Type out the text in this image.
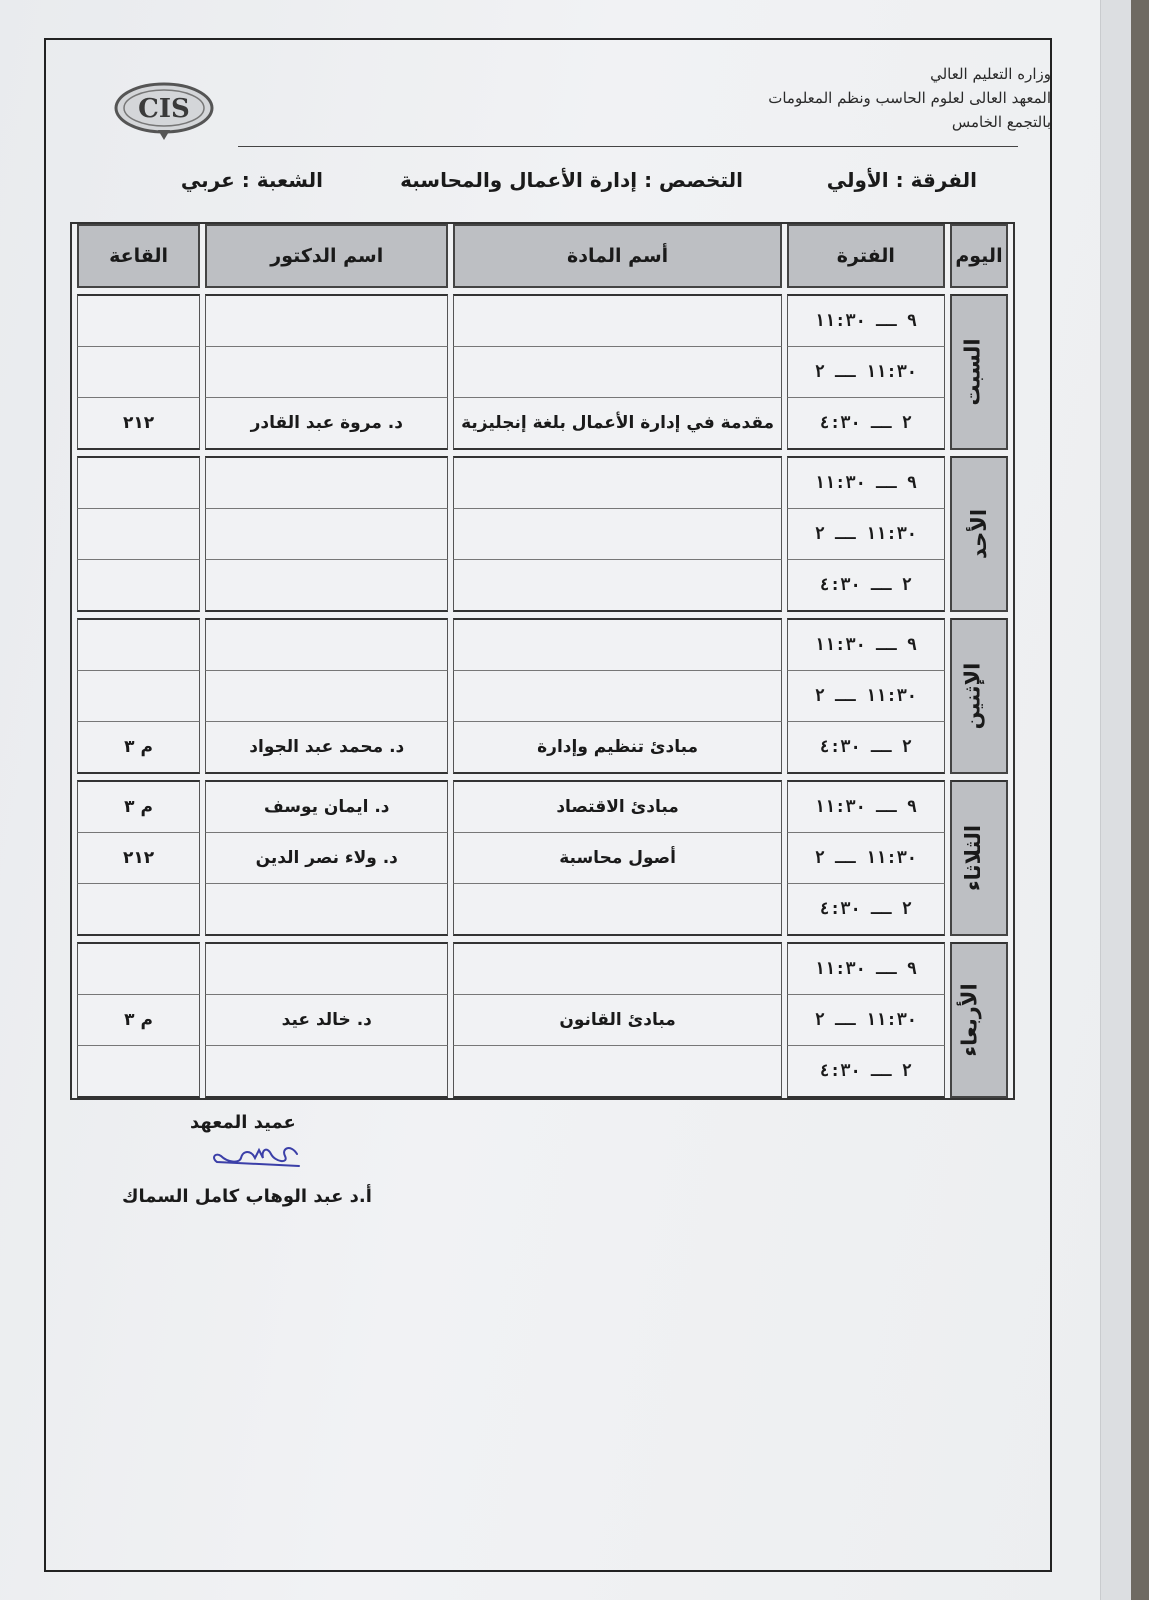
CIS
وزاره التعليم العالي
المعهد العالى لعلوم الحاسب ونظم المعلومات
بالتجمع الخامس
الفرقة : الأولي
التخصص : إدارة الأعمال والمحاسبة
الشعبة : عربي
اليوم	الفترة	أسم المادة	اسم الدكتور	القاعة

السبت	٩ ــ ١١:٣٠			
	١١:٣٠ ــ ٢			
	٢ ــ ٤:٣٠	مقدمة في إدارة الأعمال بلغة إنجليزية	د. مروة عبد القادر	٢١٢

الأحد	٩ ــ ١١:٣٠			
	١١:٣٠ ــ ٢			
	٢ ــ ٤:٣٠			

الإثنين	٩ ــ ١١:٣٠			
	١١:٣٠ ــ ٢			
	٢ ــ ٤:٣٠	مبادئ تنظيم وإدارة	د. محمد عبد الجواد	م ٣

الثلاثاء	٩ ــ ١١:٣٠	مبادئ الاقتصاد	د. ايمان يوسف	م ٣
	١١:٣٠ ــ ٢	أصول محاسبة	د. ولاء نصر الدين	٢١٢
	٢ ــ ٤:٣٠			

الأربعاء	٩ ــ ١١:٣٠			
	١١:٣٠ ــ ٢	مبادئ القانون	د. خالد عيد	م ٣
	٢ ــ ٤:٣٠			
عميد المعهد
أ.د عبد الوهاب كامل السماك
